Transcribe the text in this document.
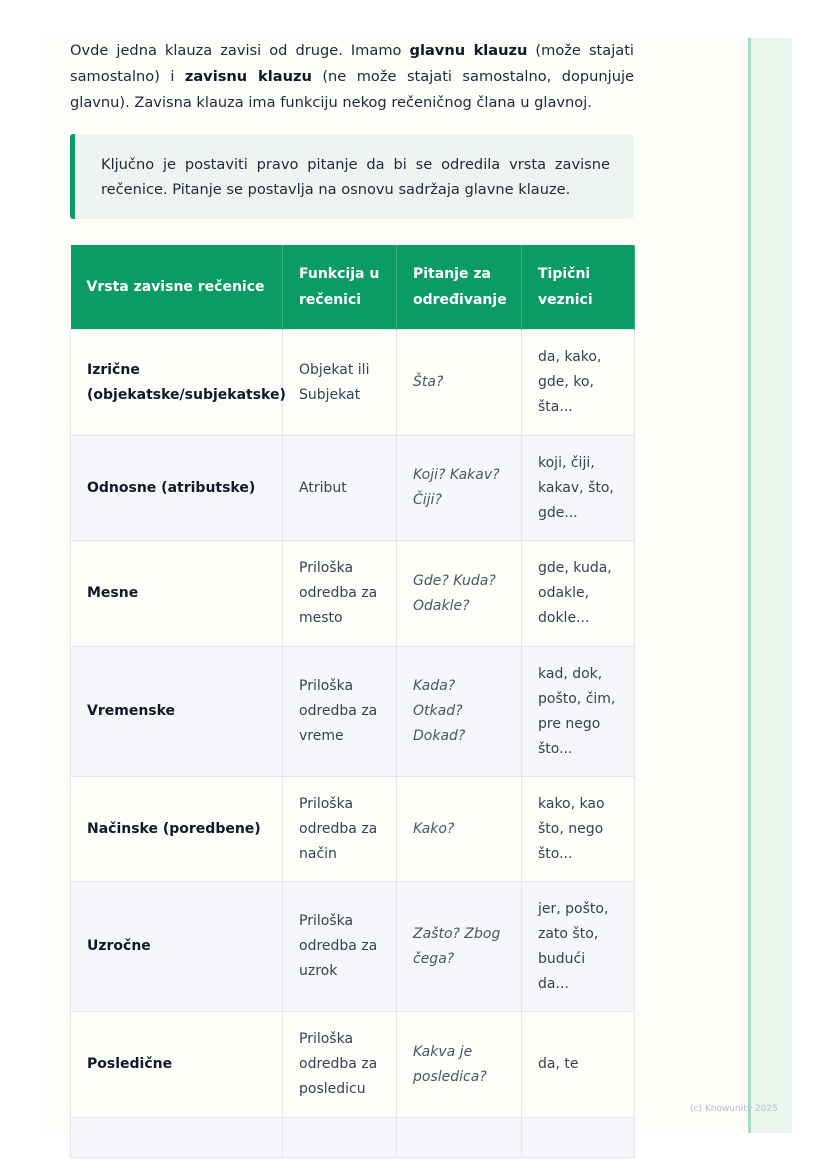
Ovde jedna klauza zavisi od druge. Imamo glavnu klauzu (može stajati samostalno) i zavisnu klauzu (ne može stajati samostalno, dopunjuje glavnu). Zavisna klauza ima funkciju nekog rečeničnog člana u glavnoj.

Ključno je postaviti pravo pitanje da bi se odredila vrsta zavisne rečenice. Pitanje se postavlja na osnovu sadržaja glavne klauze.
Vrsta zavisne rečenice	Funkcija u rečenici	Pitanje za određivanje	Tipični veznici
Izrične (objekatske/subjekatske)	Objekat ili Subjekat	Šta?	da, kako, gde, ko, šta...
Odnosne (atributske)	Atribut	Koji? Kakav? Čiji?	koji, čiji, kakav, što, gde...
Mesne	Priloška odredba za mesto	Gde? Kuda? Odakle?	gde, kuda, odakle, dokle...
Vremenske	Priloška odredba za vreme	Kada? Otkad? Dokad?	kad, dok, pošto, čim, pre nego što...
Načinske (poredbene)	Priloška odredba za način	Kako?	kako, kao što, nego što...
Uzročne	Priloška odredba za uzrok	Zašto? Zbog čega?	jer, pošto, zato što, budući da...
Posledične	Priloška odredba za posledicu	Kakva je posledica?	da, te

(c) Knowunity 2025
